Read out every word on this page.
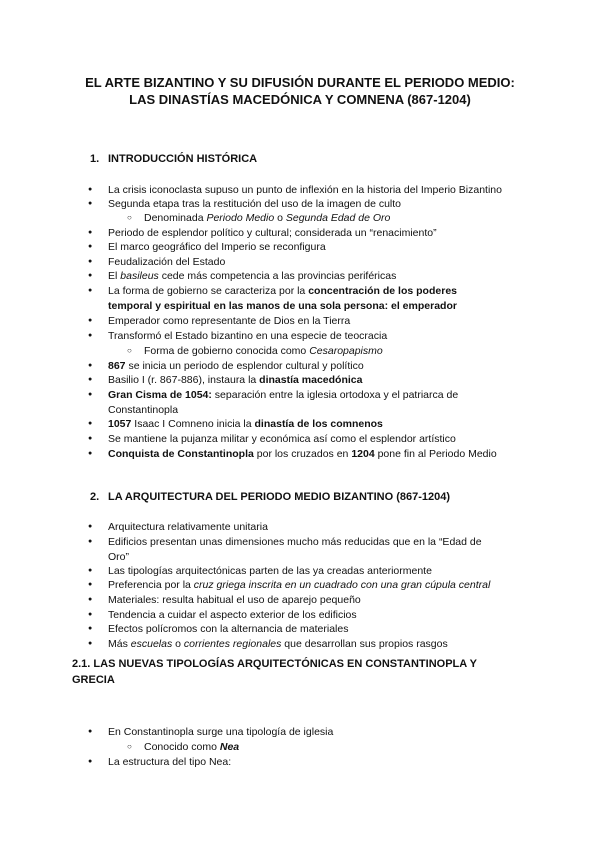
EL ARTE BIZANTINO Y SU DIFUSIÓN DURANTE EL PERIODO MEDIO:
LAS DINASTÍAS MACEDÓNICA Y COMNENA (867-1204)
1. INTRODUCCIÓN HISTÓRICA
● La crisis iconoclasta supuso un punto de inflexión en la historia del Imperio Bizantino
● Segunda etapa tras la restitución del uso de la imagen de culto
○ Denominada Periodo Medio o Segunda Edad de Oro
● Periodo de esplendor político y cultural; considerada un “renacimiento”
● El marco geográfico del Imperio se reconfigura
● Feudalización del Estado
● El basileus cede más competencia a las provincias periféricas
● La forma de gobierno se caracteriza por la concentración de los poderes
temporal y espiritual en las manos de una sola persona: el emperador
● Emperador como representante de Dios en la Tierra
● Transformó el Estado bizantino en una especie de teocracia
○ Forma de gobierno conocida como Cesaropapismo
● 867 se inicia un periodo de esplendor cultural y político
● Basilio I (r. 867-886), instaura la dinastía macedónica
● Gran Cisma de 1054: separación entre la iglesia ortodoxa y el patriarca de
Constantinopla
● 1057 Isaac I Comneno inicia la dinastía de los comnenos
● Se mantiene la pujanza militar y económica así como el esplendor artístico
● Conquista de Constantinopla por los cruzados en 1204 pone fin al Periodo Medio
2. LA ARQUITECTURA DEL PERIODO MEDIO BIZANTINO (867-1204)
● Arquitectura relativamente unitaria
● Edificios presentan unas dimensiones mucho más reducidas que en la “Edad de
Oro”
● Las tipologías arquitectónicas parten de las ya creadas anteriormente
● Preferencia por la cruz griega inscrita en un cuadrado con una gran cúpula central
● Materiales: resulta habitual el uso de aparejo pequeño
● Tendencia a cuidar el aspecto exterior de los edificios
● Efectos polícromos con la alternancia de materiales
● Más escuelas o corrientes regionales que desarrollan sus propios rasgos
2.1. LAS NUEVAS TIPOLOGÍAS ARQUITECTÓNICAS EN CONSTANTINOPLA Y
GRECIA
● En Constantinopla surge una tipología de iglesia
○ Conocido como Nea
● La estructura del tipo Nea:
